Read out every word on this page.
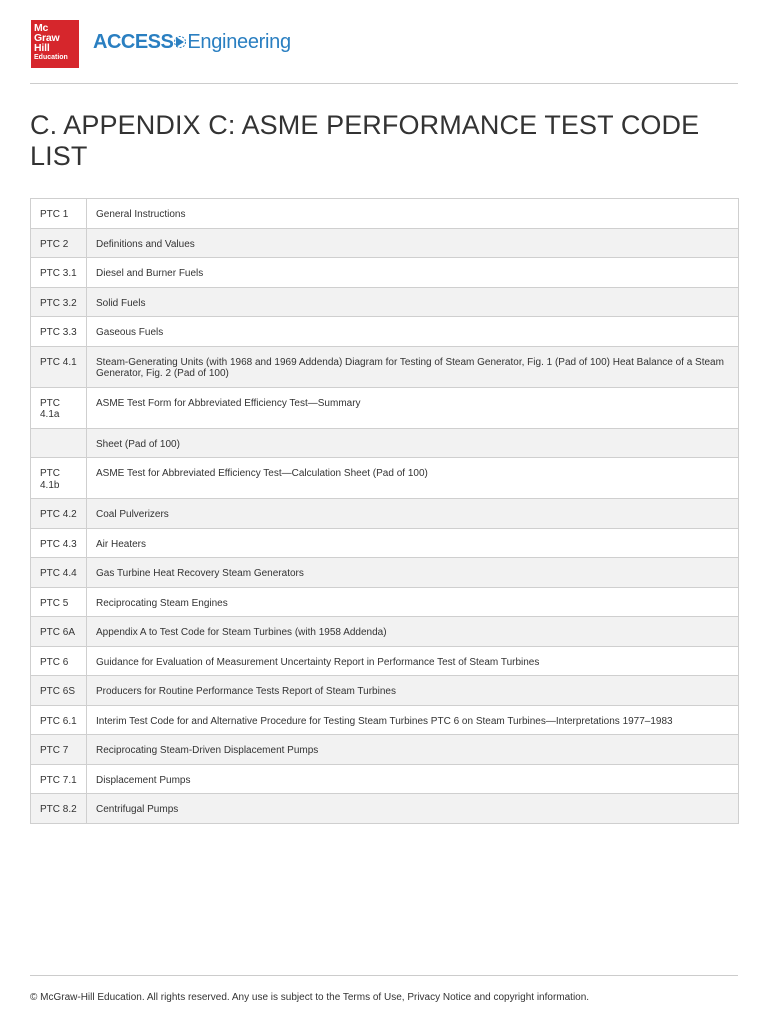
Mc
Graw
Hill
Education
ACCESS Engineering
C. APPENDIX C: ASME PERFORMANCE TEST CODE LIST
PTC 1	General Instructions
PTC 2	Definitions and Values
PTC 3.1	Diesel and Burner Fuels
PTC 3.2	Solid Fuels
PTC 3.3	Gaseous Fuels
PTC 4.1	Steam-Generating Units (with 1968 and 1969 Addenda) Diagram for Testing of Steam Generator, Fig. 1 (Pad of 100) Heat Balance of a Steam Generator, Fig. 2 (Pad of 100)
PTC 4.1a	ASME Test Form for Abbreviated Efficiency Test—Summary
	Sheet (Pad of 100)
PTC 4.1b	ASME Test for Abbreviated Efficiency Test—Calculation Sheet (Pad of 100)
PTC 4.2	Coal Pulverizers
PTC 4.3	Air Heaters
PTC 4.4	Gas Turbine Heat Recovery Steam Generators
PTC 5	Reciprocating Steam Engines
PTC 6A	Appendix A to Test Code for Steam Turbines (with 1958 Addenda)
PTC 6	Guidance for Evaluation of Measurement Uncertainty Report in Performance Test of Steam Turbines
PTC 6S	Producers for Routine Performance Tests Report of Steam Turbines
PTC 6.1	Interim Test Code for and Alternative Procedure for Testing Steam Turbines PTC 6 on Steam Turbines—Interpretations 1977–1983
PTC 7	Reciprocating Steam-Driven Displacement Pumps
PTC 7.1	Displacement Pumps
PTC 8.2	Centrifugal Pumps
© McGraw-Hill Education. All rights reserved. Any use is subject to the Terms of Use, Privacy Notice and copyright information.
